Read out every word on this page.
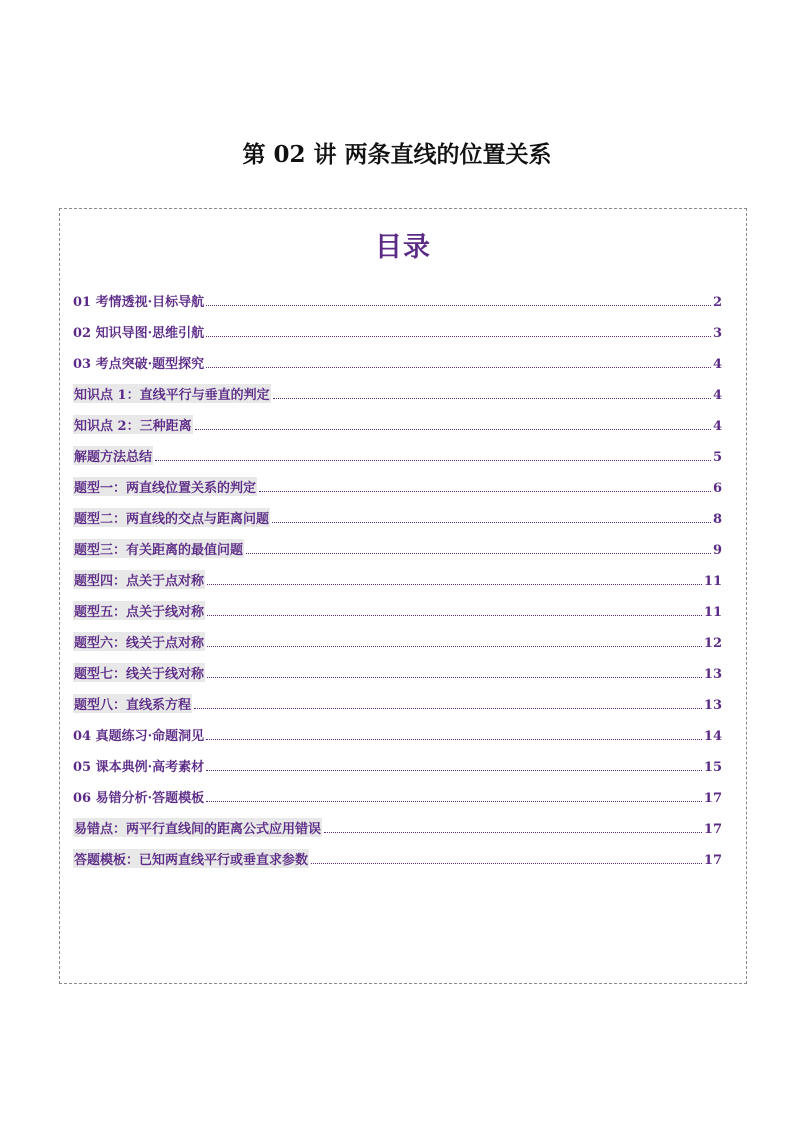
第 02 讲 两条直线的位置关系
目录
01 考情透视·目标导航	2
02 知识导图·思维引航	3
03 考点突破·题型探究	4
知识点 1：直线平行与垂直的判定	4
知识点 2：三种距离	4
解题方法总结	5
题型一：两直线位置关系的判定	6
题型二：两直线的交点与距离问题	8
题型三：有关距离的最值问题	9
题型四：点关于点对称	11
题型五：点关于线对称	11
题型六：线关于点对称	12
题型七：线关于线对称	13
题型八：直线系方程	13
04 真题练习·命题洞见	14
05 课本典例·高考素材	15
06 易错分析·答题模板	17
易错点：两平行直线间的距离公式应用错误	17
答题模板：已知两直线平行或垂直求参数	17
